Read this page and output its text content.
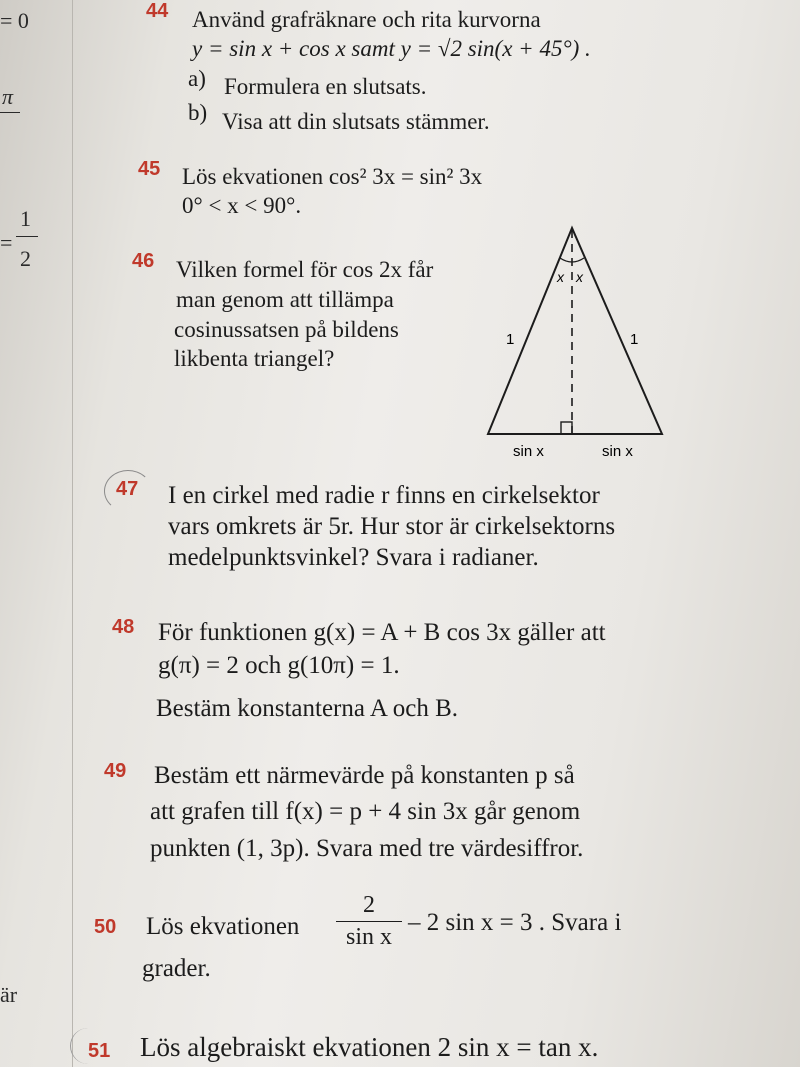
= 0
π
=
1
2
är
44 Använd grafräknare och rita kurvorna
y = sin x + cos x samt y = √2 sin(x + 45°) .
a) Formulera en slutsats.
b) Visa att din slutsats stämmer.
45 Lös ekvationen cos² 3x = sin² 3x
0° < x < 90°.
46 Vilken formel för cos 2x får
man genom att tillämpa
cosinussatsen på bildens
likbenta triangel?
x x
1	1
sin x	sin x
47 I en cirkel med radie r finns en cirkelsektor
vars omkrets är 5r. Hur stor är cirkelsektorns
medelpunktsvinkel? Svara i radianer.
48 För funktionen g(x) = A + B cos 3x gäller att
g(π) = 2 och g(10π) = 1.
Bestäm konstanterna A och B.
49 Bestäm ett närmevärde på konstanten p så
att grafen till f(x) = p + 4 sin 3x går genom
punkten (1, 3p). Svara med tre värdesiffror.
50 Lös ekvationen
2
sin x
– 2 sin x = 3 . Svara i
grader.
51 Lös algebraiskt ekvationen 2 sin x = tan x.
